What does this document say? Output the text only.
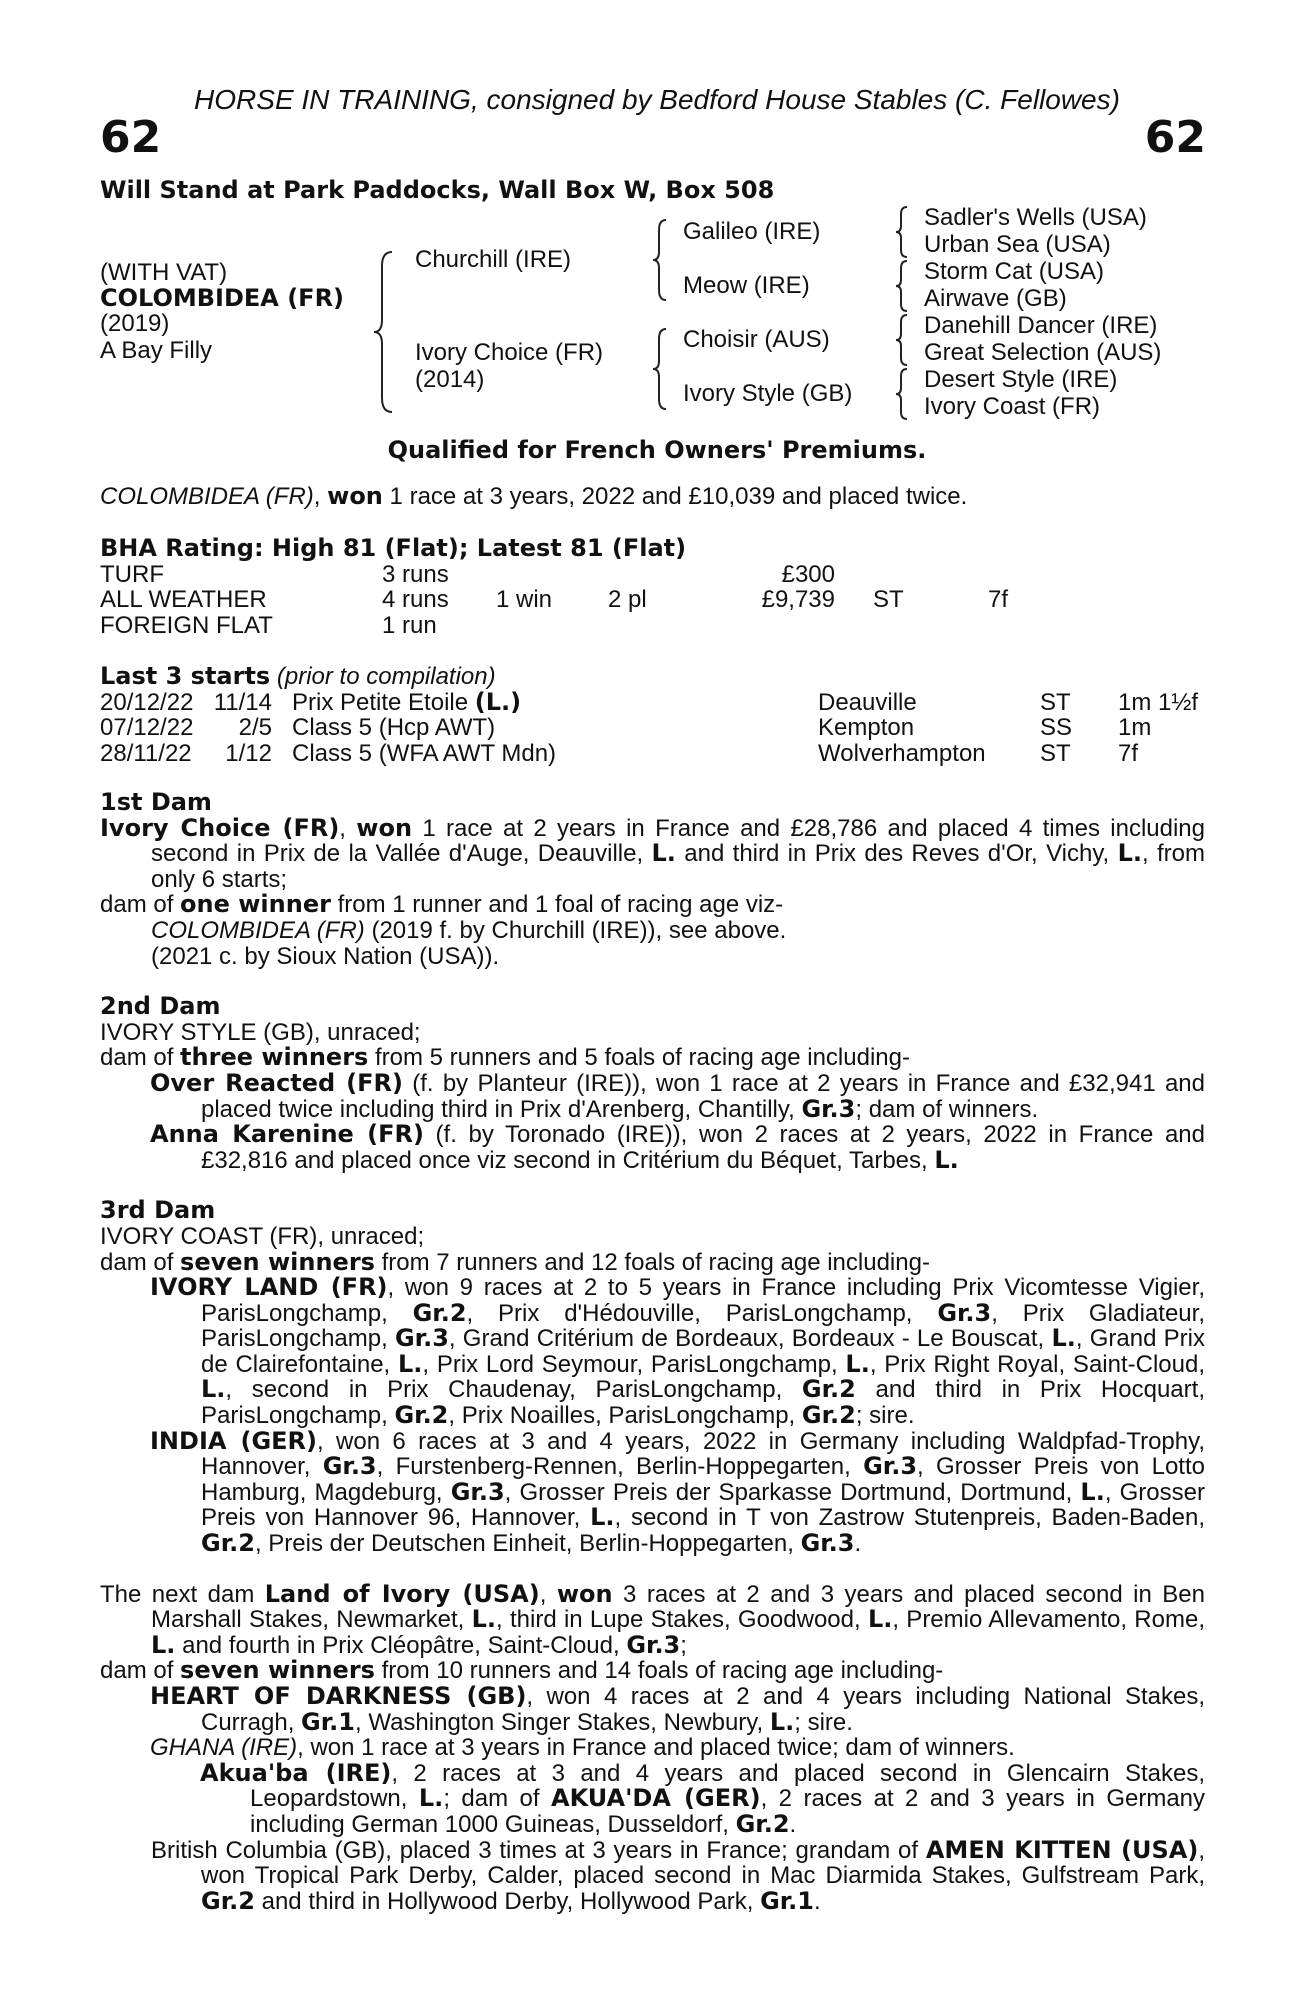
HORSE IN TRAINING, consigned by Bedford House Stables (C. Fellowes)
62	62
Will Stand at Park Paddocks, Wall Box W, Box 508
(WITH VAT)
COLOMBIDEA (FR)
(2019)
A Bay Filly
Churchill (IRE)
Ivory Choice (FR)
(2014)
Galileo (IRE)
Meow (IRE)
Choisir (AUS)
Ivory Style (GB)
Sadler's Wells (USA)
Urban Sea (USA)
Storm Cat (USA)
Airwave (GB)
Danehill Dancer (IRE)
Great Selection (AUS)
Desert Style (IRE)
Ivory Coast (FR)
Qualified for French Owners' Premiums.

COLOMBIDEA (FR), won 1 race at 3 years, 2022 and £10,039 and placed twice.

BHA Rating: High 81 (Flat); Latest 81 (Flat)
TURF	3 runs			£300		
ALL WEATHER	4 runs	1 win	2 pl	£9,739	ST	7f
FOREIGN FLAT	1 run					
Last 3 starts (prior to compilation)
20/12/22	11/14	Prix Petite Etoile (L.)	Deauville	ST	1m 1½f
07/12/22	2/5	Class 5 (Hcp AWT)	Kempton	SS	1m
28/11/22	1/12	Class 5 (WFA AWT Mdn)	Wolverhampton	ST	7f
1st Dam

Ivory Choice (FR), won 1 race at 2 years in France and £28,786 and placed 4 times including second in Prix de la Vallée d'Auge, Deauville, L. and third in Prix des Reves d'Or, Vichy, L., from only 6 starts;

dam of one winner from 1 runner and 1 foal of racing age viz-

COLOMBIDEA (FR) (2019 f. by Churchill (IRE)), see above.

(2021 c. by Sioux Nation (USA)).

2nd Dam

IVORY STYLE (GB), unraced;

dam of three winners from 5 runners and 5 foals of racing age including-

Over Reacted (FR) (f. by Planteur (IRE)), won 1 race at 2 years in France and £32,941 and placed twice including third in Prix d'Arenberg, Chantilly, Gr.3; dam of winners.

Anna Karenine (FR) (f. by Toronado (IRE)), won 2 races at 2 years, 2022 in France and £32,816 and placed once viz second in Critérium du Béquet, Tarbes, L.

3rd Dam

IVORY COAST (FR), unraced;

dam of seven winners from 7 runners and 12 foals of racing age including-

IVORY LAND (FR), won 9 races at 2 to 5 years in France including Prix Vicomtesse Vigier, ParisLongchamp, Gr.2, Prix d'Hédouville, ParisLongchamp, Gr.3, Prix Gladiateur, ParisLongchamp, Gr.3, Grand Critérium de Bordeaux, Bordeaux - Le Bouscat, L., Grand Prix de Clairefontaine, L., Prix Lord Seymour, ParisLongchamp, L., Prix Right Royal, Saint-Cloud, L., second in Prix Chaudenay, ParisLongchamp, Gr.2 and third in Prix Hocquart, ParisLongchamp, Gr.2, Prix Noailles, ParisLongchamp, Gr.2; sire.

INDIA (GER), won 6 races at 3 and 4 years, 2022 in Germany including Waldpfad-Trophy, Hannover, Gr.3, Furstenberg-Rennen, Berlin-Hoppegarten, Gr.3, Grosser Preis von Lotto Hamburg, Magdeburg, Gr.3, Grosser Preis der Sparkasse Dortmund, Dortmund, L., Grosser Preis von Hannover 96, Hannover, L., second in T von Zastrow Stutenpreis, Baden-Baden, Gr.2, Preis der Deutschen Einheit, Berlin-Hoppegarten, Gr.3.

The next dam Land of Ivory (USA), won 3 races at 2 and 3 years and placed second in Ben Marshall Stakes, Newmarket, L., third in Lupe Stakes, Goodwood, L., Premio Allevamento, Rome, L. and fourth in Prix Cléopâtre, Saint-Cloud, Gr.3;

dam of seven winners from 10 runners and 14 foals of racing age including-

HEART OF DARKNESS (GB), won 4 races at 2 and 4 years including National Stakes, Curragh, Gr.1, Washington Singer Stakes, Newbury, L.; sire.

GHANA (IRE), won 1 race at 3 years in France and placed twice; dam of winners.

Akua'ba (IRE), 2 races at 3 and 4 years and placed second in Glencairn Stakes, Leopardstown, L.; dam of AKUA'DA (GER), 2 races at 2 and 3 years in Germany including German 1000 Guineas, Dusseldorf, Gr.2.

British Columbia (GB), placed 3 times at 3 years in France; grandam of AMEN KITTEN (USA), won Tropical Park Derby, Calder, placed second in Mac Diarmida Stakes, Gulfstream Park, Gr.2 and third in Hollywood Derby, Hollywood Park, Gr.1.
